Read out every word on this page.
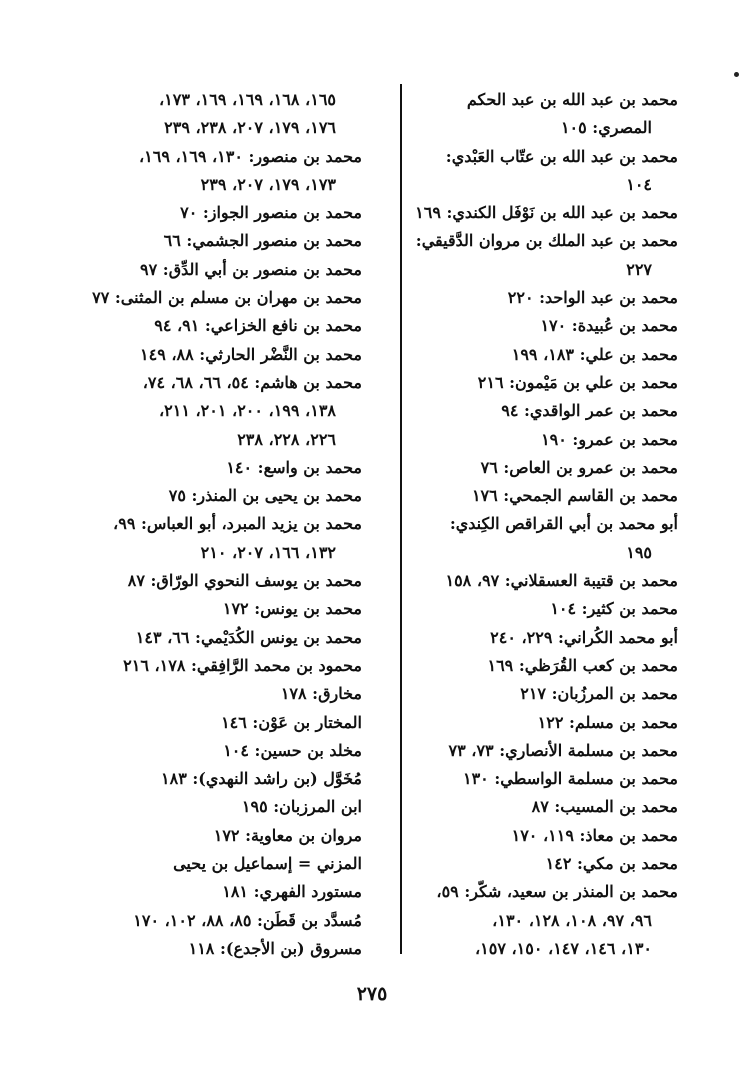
محمد بن عبد الله بن عبد الحكم

المصري: ١٠٥

محمد بن عبد الله بن عتّاب العَبْدي:

١٠٤

محمد بن عبد الله بن نَوْفَل الكندي: ١٦٩

محمد بن عبد الملك بن مروان الدَّقيقي:

٢٢٧

محمد بن عبد الواحد: ٢٢٠

محمد بن عُبيدة: ١٧٠

محمد بن علي: ١٨٣، ١٩٩

محمد بن علي بن مَيْمون: ٢١٦

محمد بن عمر الواقدي: ٩٤

محمد بن عمرو: ١٩٠

محمد بن عمرو بن العاص: ٧٦

محمد بن القاسم الجمحي: ١٧٦

أبو محمد بن أبي القراقص الكِندي:

١٩٥

محمد بن قتيبة العسقلاني: ٩٧، ١٥٨

محمد بن كثير: ١٠٤

أبو محمد الكُراني: ٢٢٩، ٢٤٠

محمد بن كعب القُرَظي: ١٦٩

محمد بن المرزُبان: ٢١٧

محمد بن مسلم: ١٢٢

محمد بن مسلمة الأنصاري: ٧٣، ٧٣

محمد بن مسلمة الواسطي: ١٣٠

محمد بن المسيب: ٨٧

محمد بن معاذ: ١١٩، ١٧٠

محمد بن مكي: ١٤٢

محمد بن المنذر بن سعيد، شكّر: ٥٩،

٩٦، ٩٧، ١٠٨، ١٢٨، ١٣٠،

١٣٠، ١٤٦، ١٤٧، ١٥٠، ١٥٧،

١٦٥، ١٦٨، ١٦٩، ١٦٩، ١٧٣،

١٧٦، ١٧٩، ٢٠٧، ٢٣٨، ٢٣٩

محمد بن منصور: ١٣٠، ١٦٩، ١٦٩،

١٧٣، ١٧٩، ٢٠٧، ٢٣٩

محمد بن منصور الجواز: ٧٠

محمد بن منصور الجشمي: ٦٦

محمد بن منصور بن أبي الدِّق: ٩٧

محمد بن مهران بن مسلم بن المثنى: ٧٧

محمد بن نافع الخزاعي: ٩١، ٩٤

محمد بن النَّضْر الحارثي: ٨٨، ١٤٩

محمد بن هاشم: ٥٤، ٦٦، ٦٨، ٧٤،

١٣٨، ١٩٩، ٢٠٠، ٢٠١، ٢١١،

٢٢٦، ٢٢٨، ٢٣٨

محمد بن واسع: ١٤٠

محمد بن يحيى بن المنذر: ٧٥

محمد بن يزيد المبرد، أبو العباس: ٩٩،

١٣٢، ١٦٦، ٢٠٧، ٢١٠

محمد بن يوسف النحوي الورّاق: ٨٧

محمد بن يونس: ١٧٢

محمد بن يونس الكُدَيْمي: ٦٦، ١٤٣

محمود بن محمد الرَّافِقي: ١٧٨، ٢١٦

مخارق: ١٧٨

المختار بن عَوْن: ١٤٦

مخلد بن حسين: ١٠٤

مُخَوَّل (بن راشد النهدي): ١٨٣

ابن المرزبان: ١٩٥

مروان بن معاوية: ١٧٢

المزني = إسماعيل بن يحيى

مستورد الفهري: ١٨١

مُسدَّد بن قَطَن: ٨٥، ٨٨، ١٠٢، ١٧٠

مسروق (بن الأجدع): ١١٨

٢٧٥
